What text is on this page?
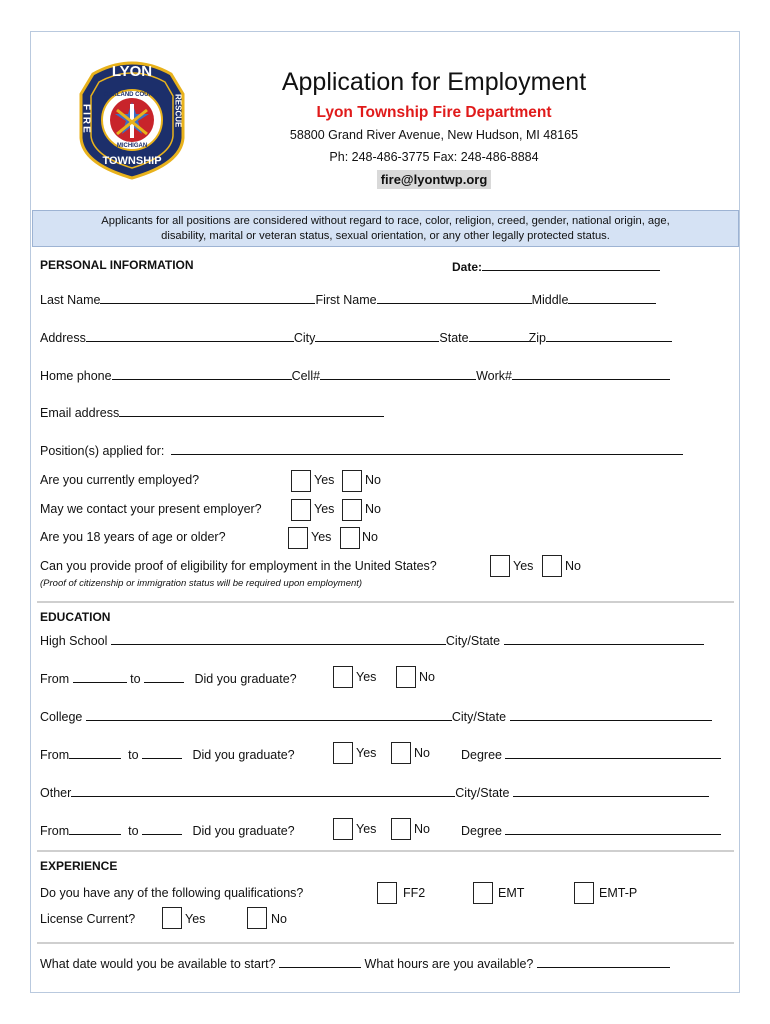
LYON
OAKLAND COUNTY
MICHIGAN
FIRE	RESCUE
TOWNSHIP
Application for Employment
Lyon Township Fire Department
58800 Grand River Avenue, New Hudson, MI 48165
Ph: 248-486-3775 Fax: 248-486-8884
fire@lyontwp.org
Applicants for all positions are considered without regard to race, color, religion, creed, gender, national origin, age,
disability, marital or veteran status, sexual orientation, or any other legally protected status.
PERSONAL INFORMATION	Date:
Last Name	First Name	Middle
Address	City	State	Zip
Home phone	Cell#	Work#
Email address
Position(s) applied for:
Are you currently employed?	Yes No
May we contact your present employer?	Yes No
Are you 18 years of age or older?	Yes No
Can you provide proof of eligibility for employment in the United States?	Yes	No
(Proof of citizenship or immigration status will be required upon employment)
EDUCATION
High School	City/State
From	to	Did you graduate?	Yes	No
College	City/State
From	to	Did you graduate?	Yes	No Degree
Other	City/State
From	to	Did you graduate?	Yes	No Degree
EXPERIENCE
Do you have any of the following qualifications?	FF2	EMT	EMT-P
License Current?	Yes	No
What date would you be available to start?	What hours are you available?
